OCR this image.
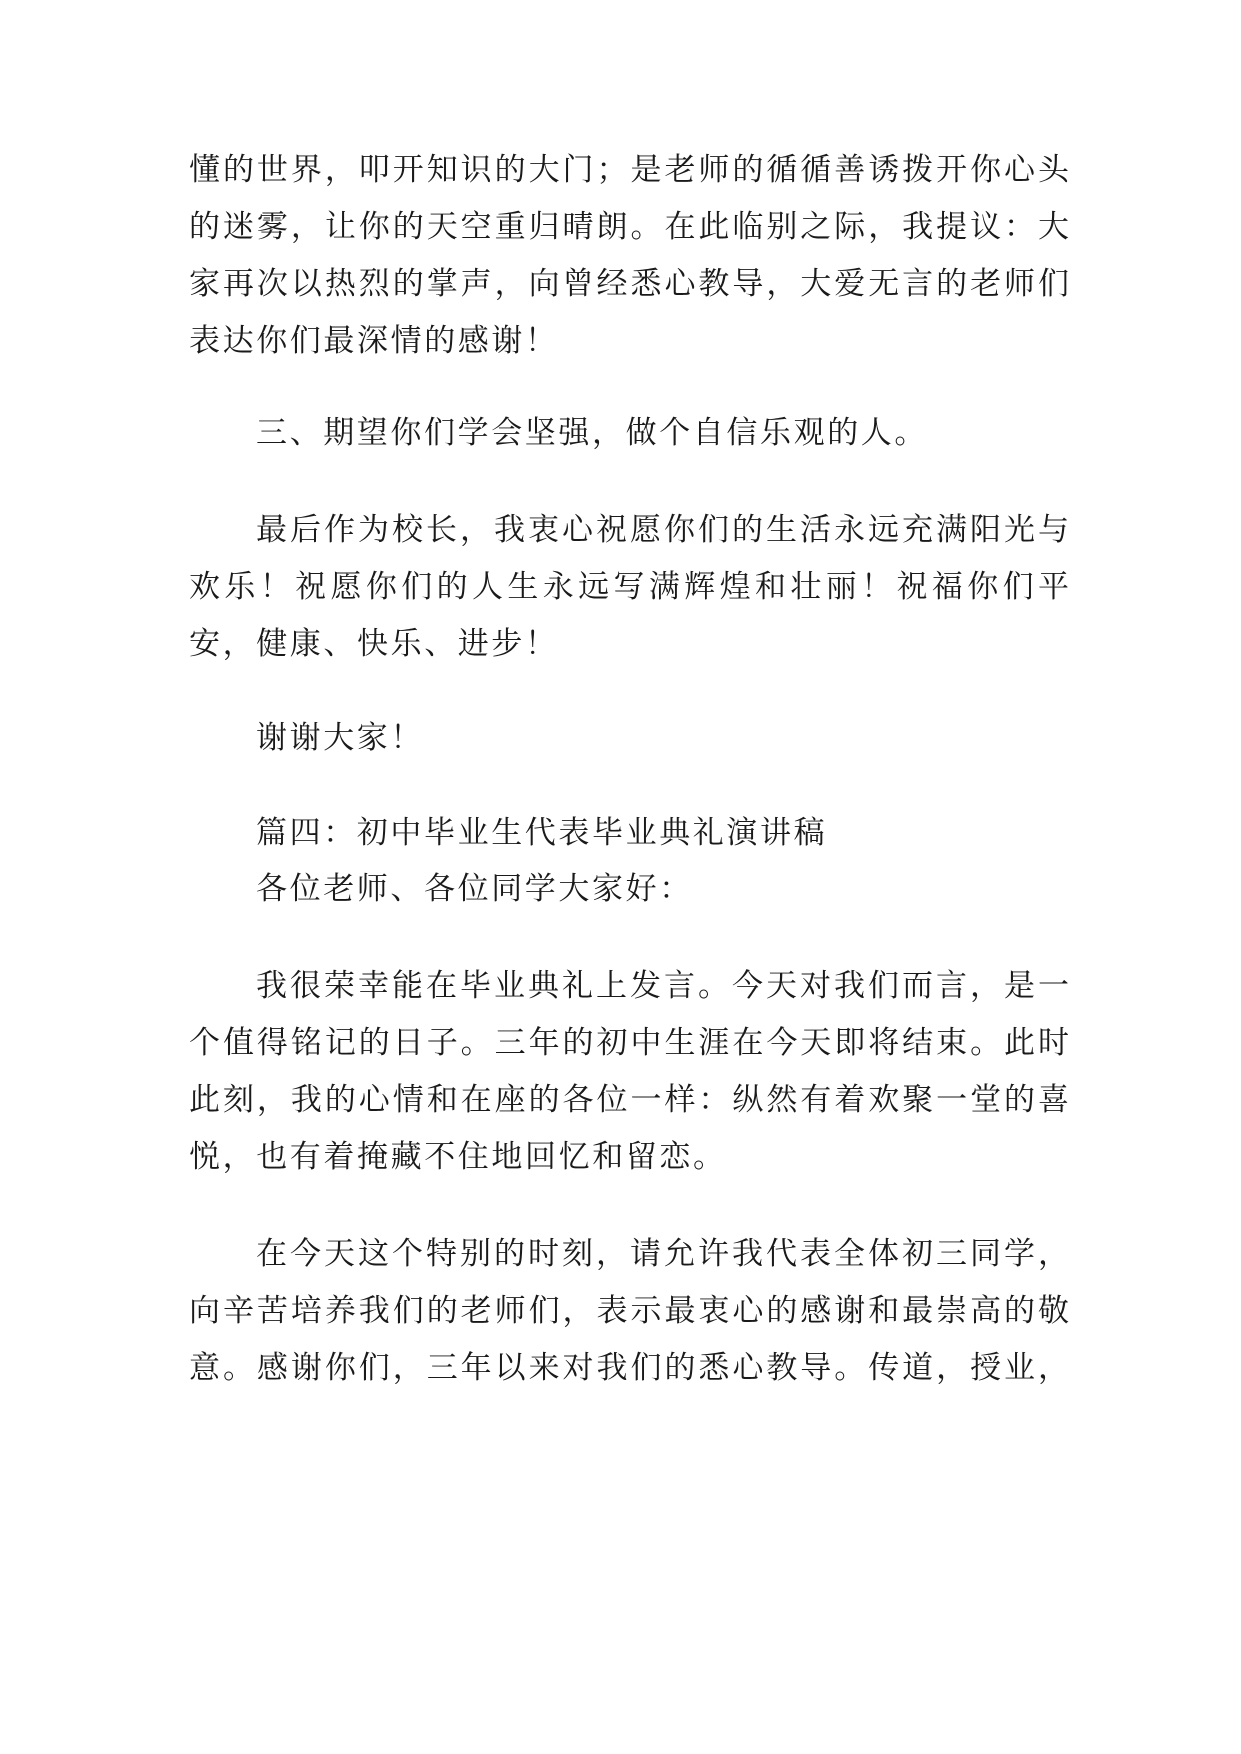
懂的世界，叩开知识的大门；是老师的循循善诱拨开你心头
的迷雾，让你的天空重归晴朗。在此临别之际，我提议：大
家再次以热烈的掌声，向曾经悉心教导，大爱无言的老师们
表达你们最深情的感谢！
三、期望你们学会坚强，做个自信乐观的人。
最后作为校长，我衷心祝愿你们的生活永远充满阳光与
欢乐！祝愿你们的人生永远写满辉煌和壮丽！祝福你们平
安，健康、快乐、进步！
谢谢大家！
篇四：初中毕业生代表毕业典礼演讲稿
各位老师、各位同学大家好：
我很荣幸能在毕业典礼上发言。今天对我们而言，是一
个值得铭记的日子。三年的初中生涯在今天即将结束。此时
此刻，我的心情和在座的各位一样：纵然有着欢聚一堂的喜
悦，也有着掩藏不住地回忆和留恋。
在今天这个特别的时刻，请允许我代表全体初三同学，
向辛苦培养我们的老师们，表示最衷心的感谢和最崇高的敬
意。感谢你们，三年以来对我们的悉心教导。传道，授业，
